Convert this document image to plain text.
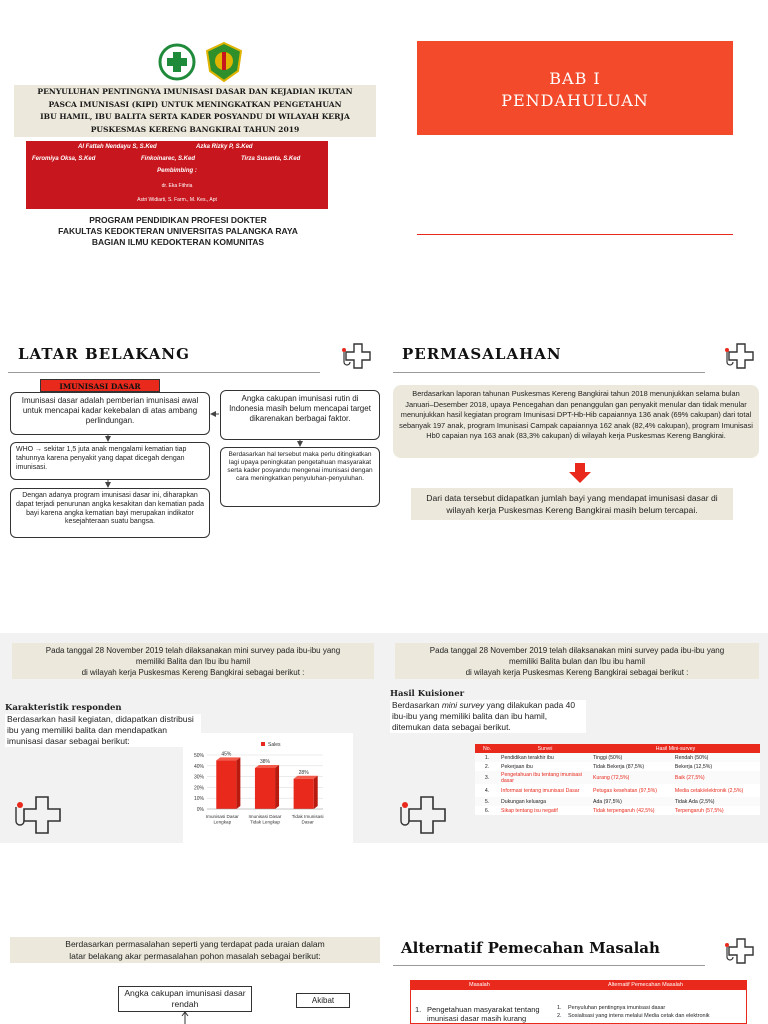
PENYULUHAN PENTINGNYA IMUNISASI DASAR DAN KEJADIAN IKUTAN
PASCA IMUNISASI (KIPI) UNTUK MENINGKATKAN PENGETAHUAN
IBU HAMIL, IBU BALITA SERTA KADER POSYANDU DI WILAYAH KERJA
PUSKESMAS KERENG BANGKIRAI TAHUN 2019
Al Fattah Nendayu S, S.Ked	Azka Rizky P, S.Ked
Feromiya Oksa, S.Ked	Finkoinarec, S.Ked	Tirza Susanta, S.Ked
Pembimbing :
dr. Eka Fithria
Astri Widiarti, S. Farm., M. Kes., Apt
PROGRAM PENDIDIKAN PROFESI DOKTER
FAKULTAS KEDOKTERAN UNIVERSITAS PALANGKA RAYA
BAGIAN ILMU KEDOKTERAN KOMUNITAS
BAB I
PENDAHULUAN
LATAR BELAKANG
IMUNISASI DASAR
Imunisasi dasar adalah pemberian imunisasi awal untuk mencapai kadar kekebalan di atas ambang perlindungan.
WHO → sekitar 1,5 juta anak mengalami kematian tiap tahunnya karena penyakit yang dapat dicegah dengan imunisasi.
Dengan adanya program imunisasi dasar ini, diharapkan dapat terjadi penurunan angka kesakitan dan kematian pada bayi karena angka kematian bayi merupakan indikator kesejahteraan suatu bangsa.
Angka cakupan imunisasi rutin di Indonesia masih belum mencapai target dikarenakan berbagai faktor.
Berdasarkan hal tersebut maka perlu ditingkatkan lagi upaya peningkatan pengetahuan masyarakat serta kader posyandu mengenai imunisasi dengan cara meningkatkan penyuluhan-penyuluhan.
PERMASALAHAN
Berdasarkan laporan tahunan Puskesmas Kereng Bangkirai tahun 2018 menunjukkan selama bulan Januari–Desember 2018, upaya Pencegahan dan penanggulan gan penyakit menular dan tidak menular menunjukkan hasil kegiatan program Imunisasi DPT-Hb-Hib capaiannya 136 anak (69% cakupan) dari total sebanyak 197 anak, program Imunisasi Campak capaiannya 162 anak (82,4% cakupan), program Imunisasi Hb0 capaian nya 163 anak (83,3% cakupan) di wilayah kerja Puskesmas Kereng Bangkirai.
Dari data tersebut didapatkan jumlah bayi yang mendapat imunisasi dasar di wilayah kerja Puskesmas Kereng Bangkirai masih belum tercapai.
Pada tanggal 28 November 2019 telah dilaksanakan mini survey pada ibu-ibu yang
memiliki Balita dan Ibu ibu hamil
di wilayah kerja Puskesmas Kereng Bangkirai sebagai berikut :
Karakteristik responden
Berdasarkan hasil kegiatan, didapatkan distribusi ibu yang memiliki balita dan mendapatkan imunisasi dasar sebagai berikut:
0%
10%
20%
30%
40%
50%
Sales
45%
Imunisasi Dasar
Lengkap
38%
Imunisasi Dasar
Tidak Lengkap
28%
Tidak Imunisasi
Dasar
Pada tanggal 28 November 2019 telah dilaksanakan mini survey pada ibu-ibu yang
memiliki Balita bulan dan Ibu ibu hamil
di wilayah kerja Puskesmas Kereng Bangkirai sebagai berikut :
Hasil Kuisioner
Berdasarkan mini survey yang dilakukan pada 40 ibu-ibu yang memiliki balita dan ibu hamil, ditemukan data sebagai berikut.
No.	Survei	Hasil Mini-survey	
1.	Pendidikan terakhir ibu	Tinggi (50%)	Rendah (50%)
2.	Pekerjaan ibu	Tidak Bekerja (87,5%)	Bekerja (12,5%)
3.	Pengetahuan ibu tentang imunisasi dasar	Kurang (72,5%)	Baik (27,5%)
4.	Informasi tentang imunisasi Dasar	Petugas kesehatan (97,5%)	Media cetak/elektronik (2,5%)
5.	Dukungan keluarga	Ada (97,5%)	Tidak Ada (2,5%)
6.	Sikap tentang isu negatif	Tidak terpengaruh (42,5%)	Terpengaruh (57,5%)
Berdasarkan permasalahan seperti yang terdapat pada uraian dalam
latar belakang akar permasalahan pohon masalah sebagai berikut:
Angka cakupan imunisasi dasar rendah	Akibat
Alternatif Pemecahan Masalah
Masalah	Alternatif Pemecahan Masalah
1. Pengetahuan masyarakat tentang imunisasi dasar masih kurang
1. Penyuluhan pentingnya imunisasi dasar
2. Sosialisasi yang intens melalui Media cetak dan elektronik
